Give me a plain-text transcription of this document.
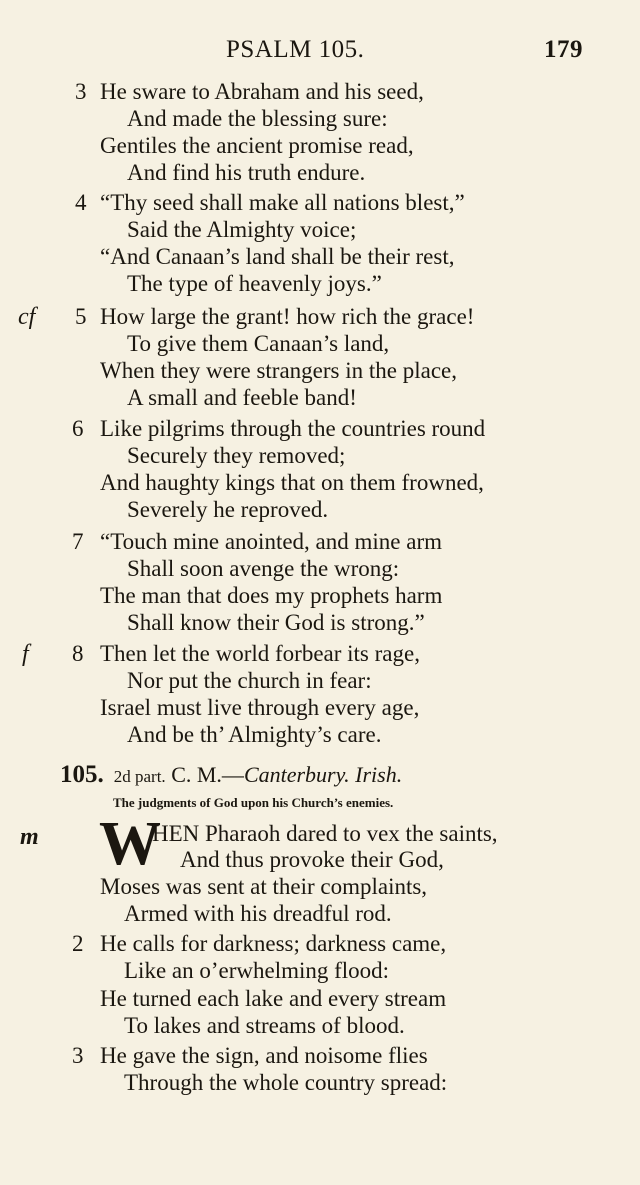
PSALM 105.	179
3 He sware to Abraham and his seed,
And made the blessing sure:
Gentiles the ancient promise read,
And find his truth endure.
4 “Thy seed shall make all nations blest,”
Said the Almighty voice;
“And Canaan’s land shall be their rest,
The type of heavenly joys.”
cf 5 How large the grant! how rich the grace!
To give them Canaan’s land,
When they were strangers in the place,
A small and feeble band!
6 Like pilgrims through the countries round
Securely they removed;
And haughty kings that on them frowned,
Severely he reproved.
7 “Touch mine anointed, and mine arm
Shall soon avenge the wrong:
The man that does my prophets harm
Shall know their God is strong.”
f 8 Then let the world forbear its rage,
Nor put the church in fear:
Israel must live through every age,
And be th’ Almighty’s care.
105. 2d part. C. M.—Canterbury. Irish.
The judgments of God upon his Church’s enemies.
m W
HEN Pharaoh dared to vex the saints,
And thus provoke their God,
Moses was sent at their complaints,
Armed with his dreadful rod.
2 He calls for darkness; darkness came,
Like an o’erwhelming flood:
He turned each lake and every stream
To lakes and streams of blood.
3 He gave the sign, and noisome flies
Through the whole country spread:
